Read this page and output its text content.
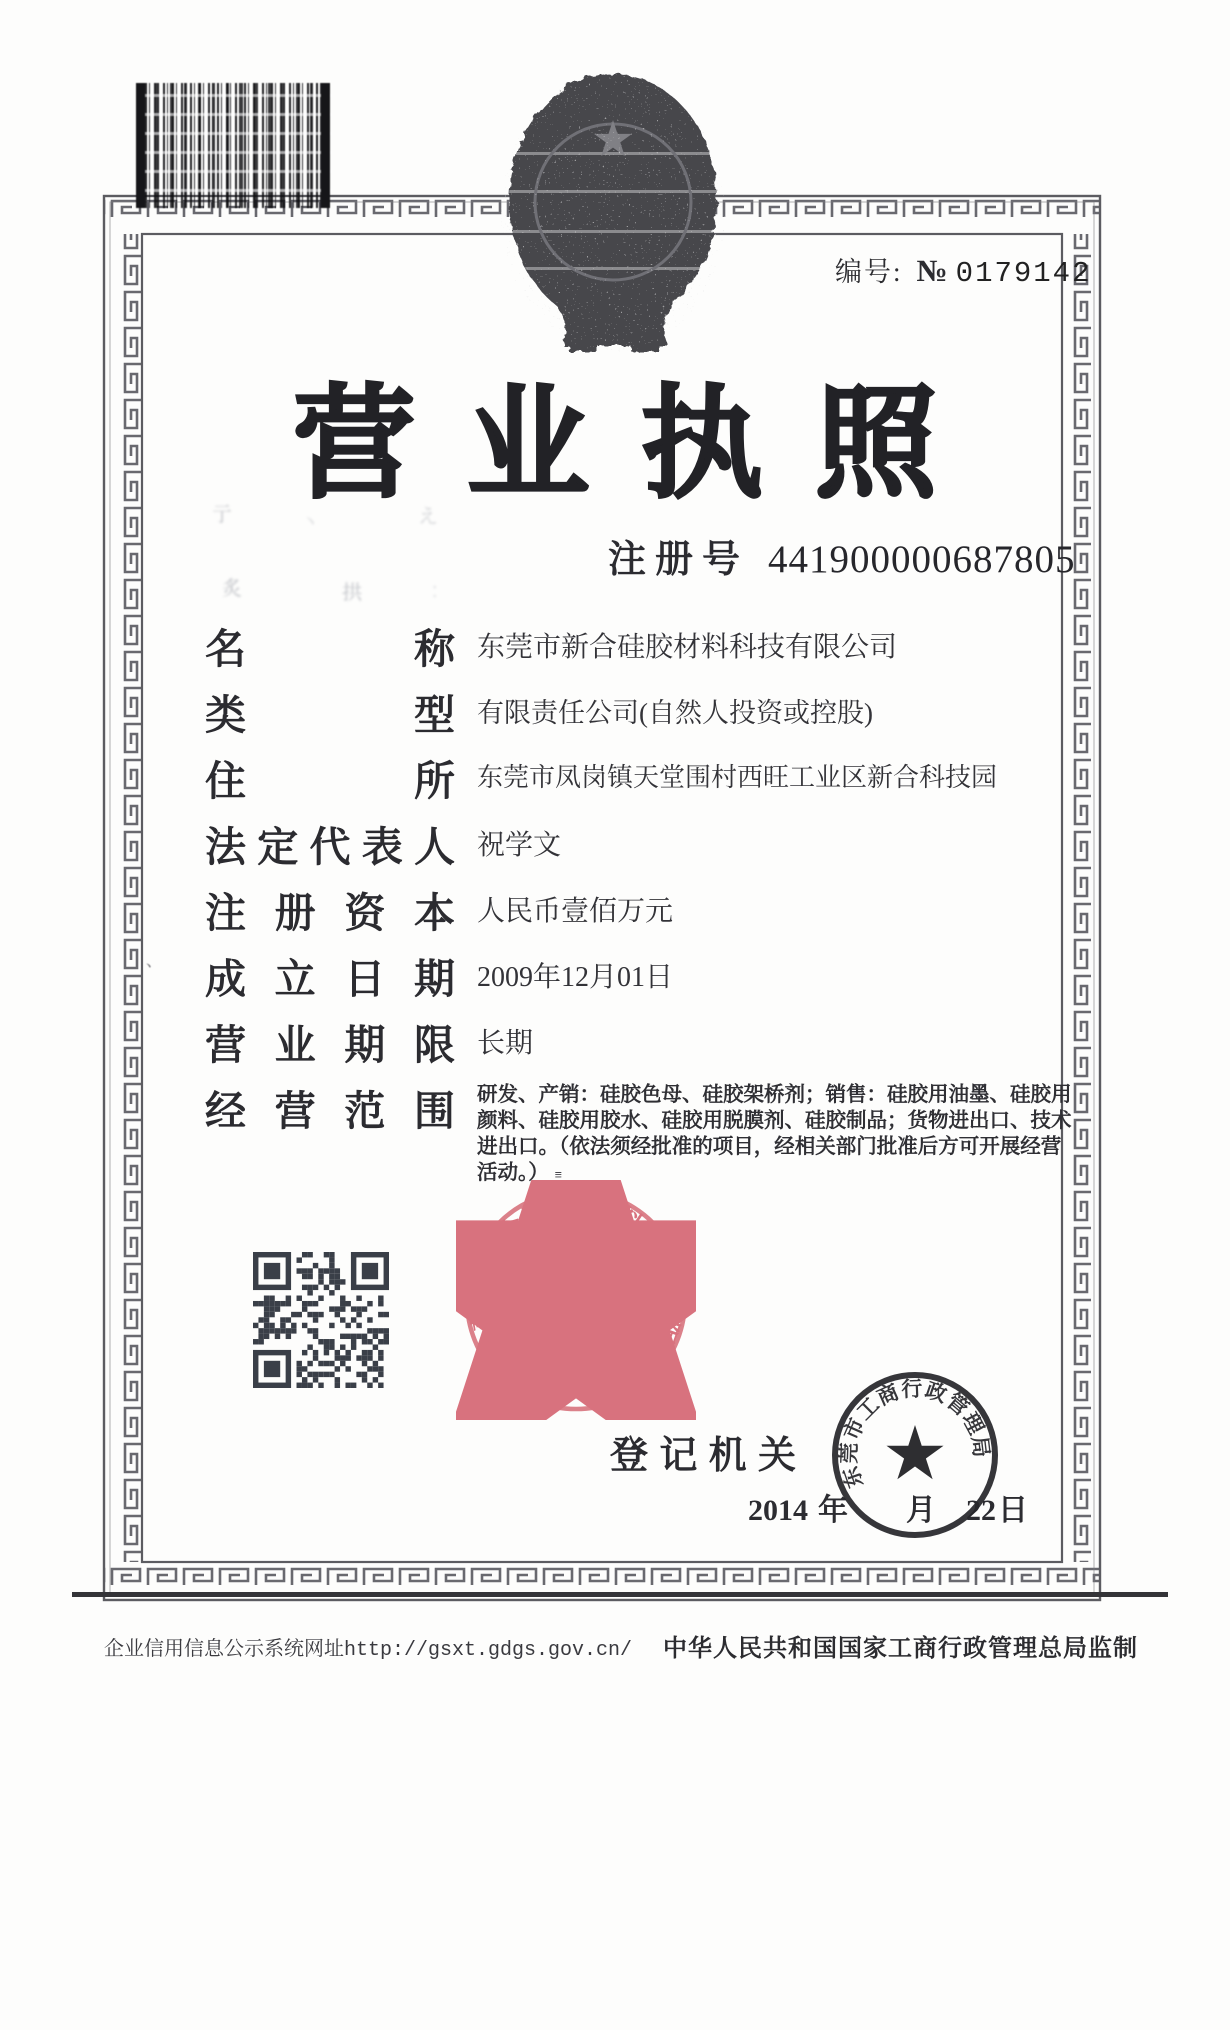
编号: № 0179142
营业执照
注 册 号 441900000687805
亍	丶	え
炙	拱	:
、
名	称 东莞市新合硅胶材料科技有限公司
类	型 有限责任公司(自然人投资或控股)
住	所 东莞市凤岗镇天堂围村西旺工业区新合科技园
法 定 代 表 人 祝学文
注 册 资 本 人民币壹佰万元
成 立 日 期 2009年12月01日
营 业 期 限 长期
经 营 范 围 研发、产销：硅胶色母、硅胶架桥剂；销售：硅胶用油墨、硅胶用
颜料、硅胶用胶水、硅胶用脱膜剂、硅胶制品；货物进出口、技术
进出口。（依法须经批准的项目，经相关部门批准后方可开展经营
活动。） ≡
东莞市新合硅胶材料科技有限公司
登 记 机 关
2014 年 月 22日
东莞市工商行政管理局
企业信用信息公示系统网址http://gsxt.gdgs.gov.cn/ 中华人民共和国国家工商行政管理总局监制
